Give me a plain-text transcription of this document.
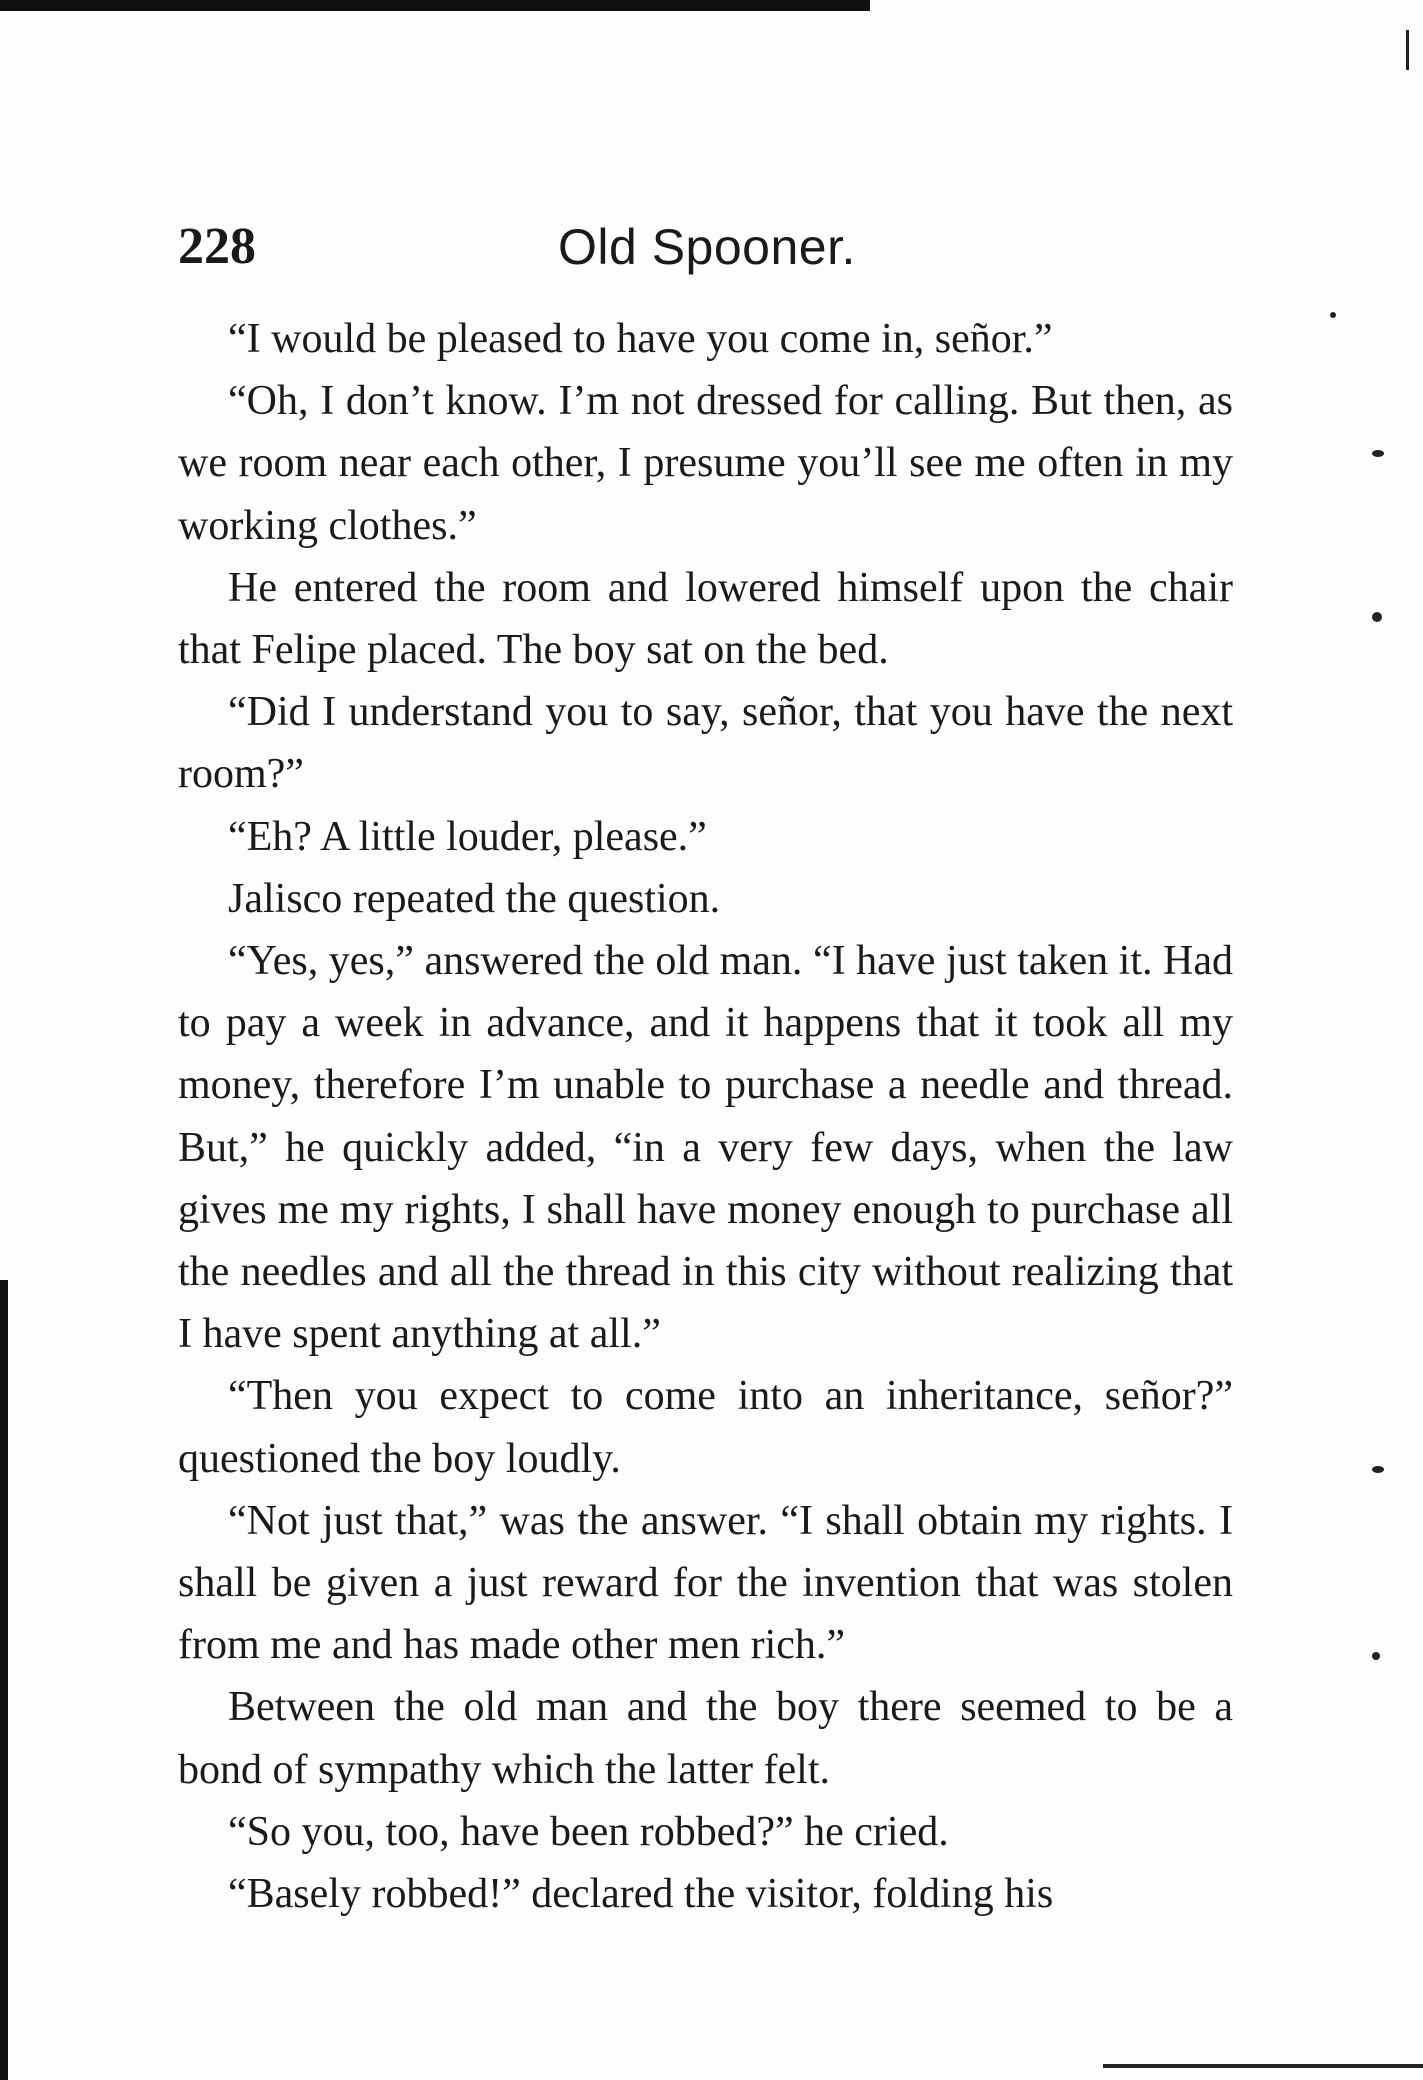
228	Old Spooner.

“I would be pleased to have you come in, señor.”

“Oh, I don’t know. I’m not dressed for calling. But then, as we room near each other, I presume you’ll see me often in my working clothes.”

He entered the room and lowered himself upon the chair that Felipe placed. The boy sat on the bed.

“Did I understand you to say, señor, that you have the next room?”

“Eh? A little louder, please.”

Jalisco repeated the question.

“Yes, yes,” answered the old man. “I have just taken it. Had to pay a week in advance, and it happens that it took all my money, therefore I’m unable to purchase a needle and thread. But,” he quickly added, “in a very few days, when the law gives me my rights, I shall have money enough to purchase all the needles and all the thread in this city without realizing that I have spent anything at all.”

“Then you expect to come into an inheritance, señor?” questioned the boy loudly.

“Not just that,” was the answer. “I shall obtain my rights. I shall be given a just reward for the invention that was stolen from me and has made other men rich.”

Between the old man and the boy there seemed to be a bond of sympathy which the latter felt.

“So you, too, have been robbed?” he cried.

“Basely robbed!” declared the visitor, folding his
